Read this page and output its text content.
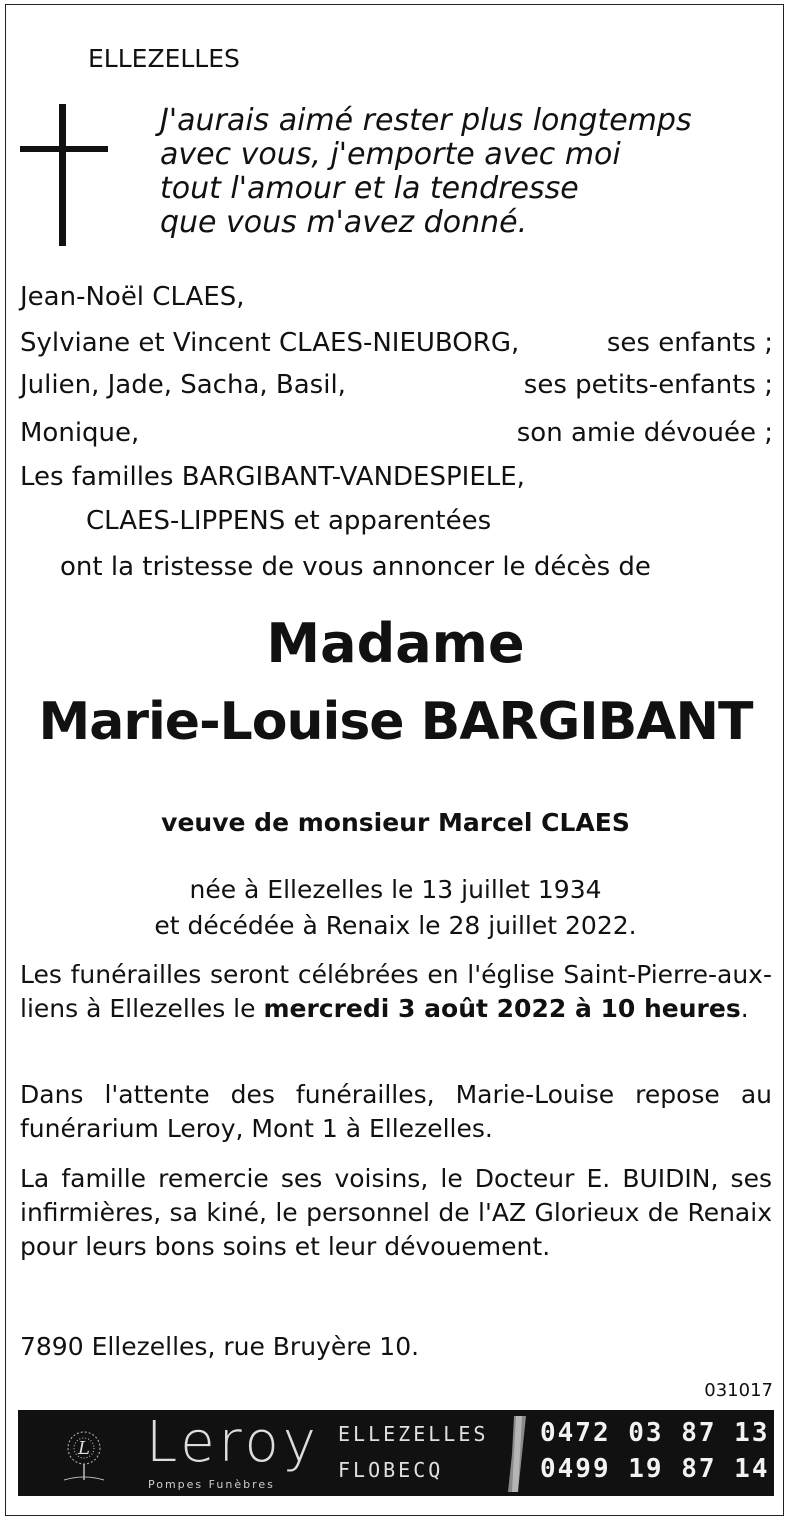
ELLEZELLES
J'aurais aimé rester plus longtemps
avec vous, j'emporte avec moi
tout l'amour et la tendresse
que vous m'avez donné.
Jean-Noël CLAES,
Sylviane et Vincent CLAES-NIEUBORG,	ses enfants ;
Julien, Jade, Sacha, Basil,	ses petits-enfants ;
Monique,	son amie dévouée ;
Les familles BARGIBANT-VANDESPIELE,
CLAES-LIPPENS et apparentées
ont la tristesse de vous annoncer le décès de
Madame
Marie-Louise BARGIBANT
veuve de monsieur Marcel CLAES
née à Ellezelles le 13 juillet 1934
et décédée à Renaix le 28 juillet 2022.
Les funérailles seront célébrées en l'église Saint-Pierre-aux-liens à Ellezelles le mercredi 3 août 2022 à 10 heures.
Dans l'attente des funérailles, Marie-Louise repose au funérarium Leroy, Mont 1 à Ellezelles.
La famille remercie ses voisins, le Docteur E. BUIDIN, ses infirmières, sa kiné, le personnel de l'AZ Glorieux de Renaix pour leurs bons soins et leur dévouement.
7890 Ellezelles, rue Bruyère 10.
031017
L Leroy
Pompes Funèbres
ELLEZELLES
FLOBECQ
0472 03 87 13
0499 19 87 14
